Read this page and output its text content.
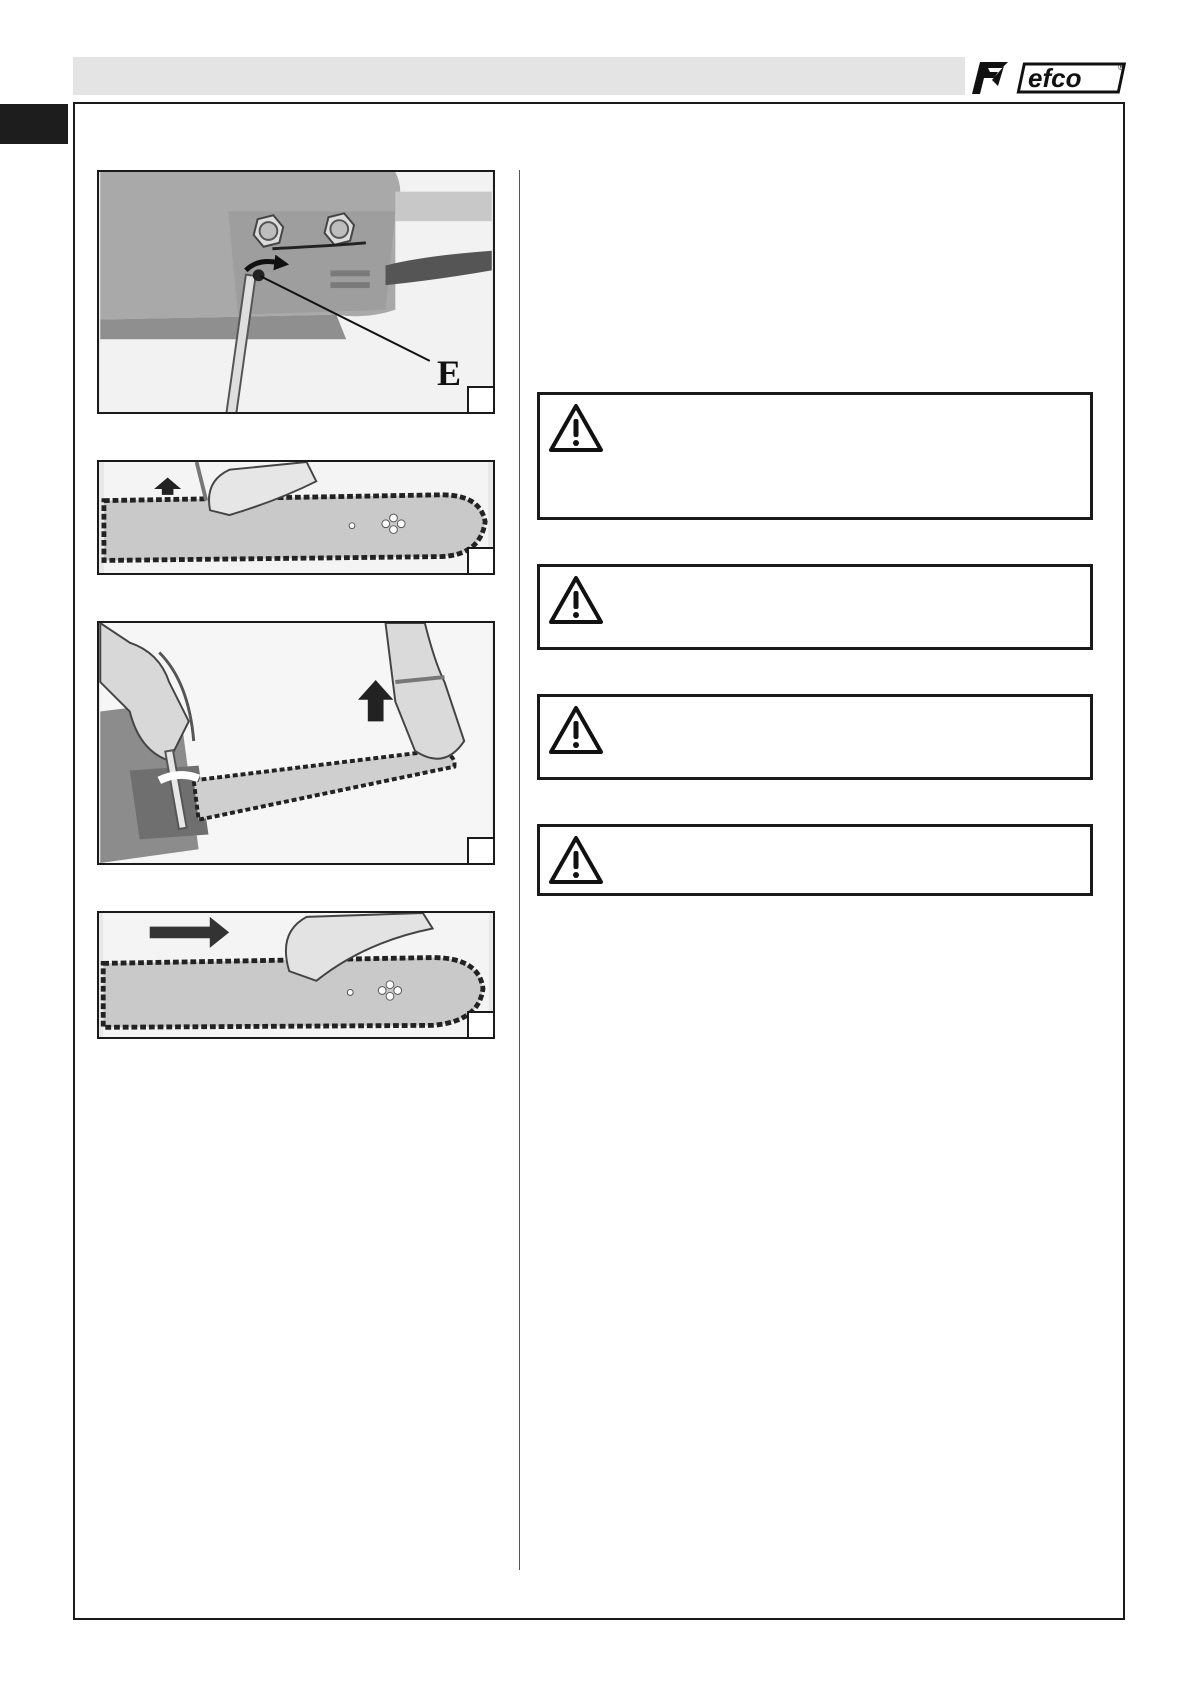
efco	®
E
